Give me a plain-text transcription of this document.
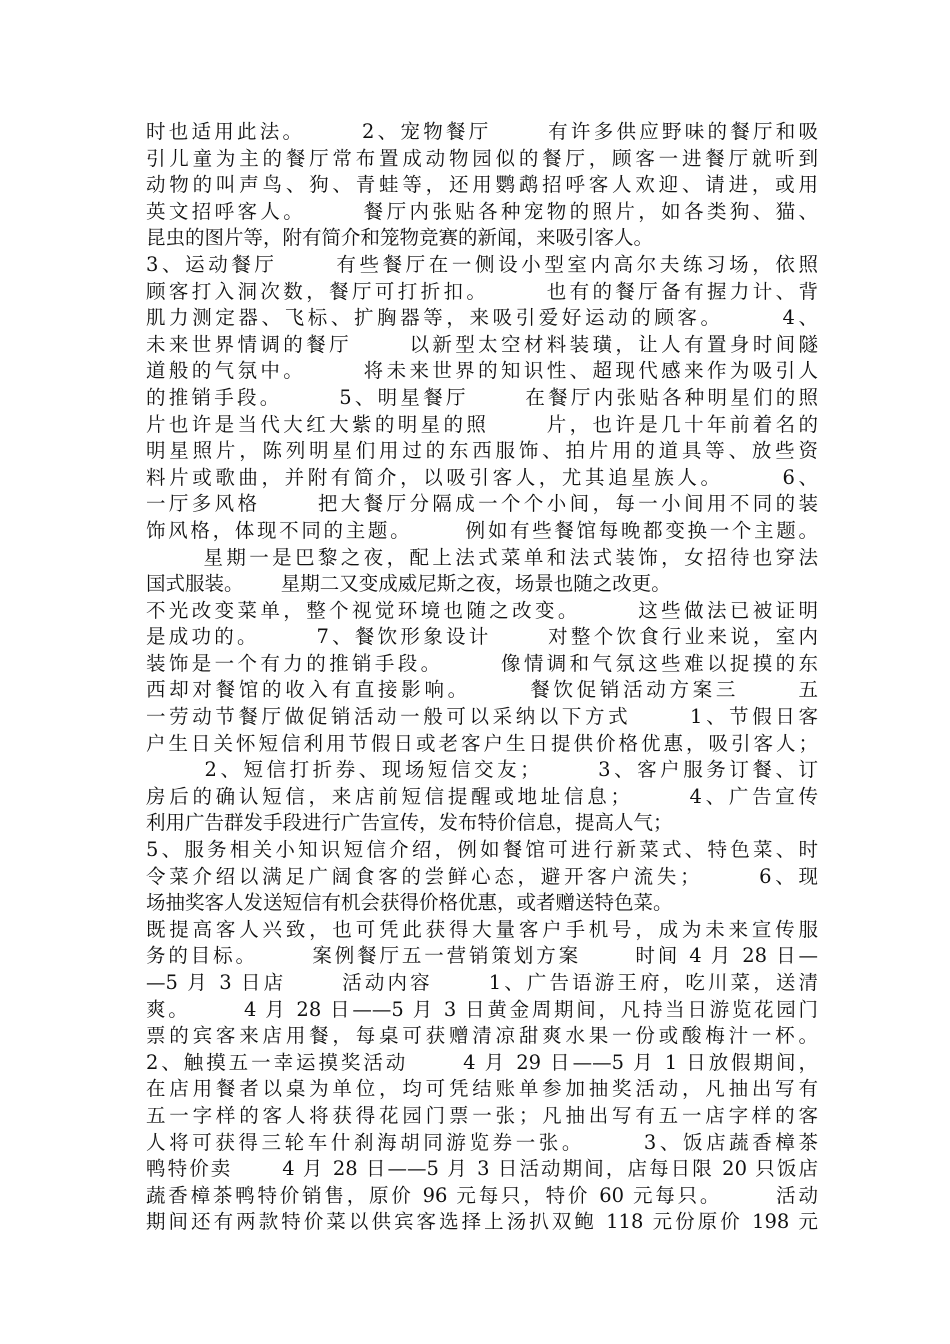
时也适用此法。      2、宠物餐厅      有许多供应野味的餐厅和吸
引儿童为主的餐厅常布置成动物园似的餐厅，顾客一进餐厅就听到
动物的叫声鸟、狗、青蛙等，还用鹦鹉招呼客人欢迎、请进，或用
英文招呼客人。      餐厅内张贴各种宠物的照片，如各类狗、猫、
昆虫的图片等，附有简介和笼物竞赛的新闻，来吸引客人。
3、运动餐厅      有些餐厅在一侧设小型室内高尔夫练习场，依照
顾客打入洞次数，餐厅可打折扣。      也有的餐厅备有握力计、背
肌力测定器、飞标、扩胸器等，来吸引爱好运动的顾客。      4、
未来世界情调的餐厅      以新型太空材料装璜，让人有置身时间隧
道般的气氛中。      将未来世界的知识性、超现代感来作为吸引人
的推销手段。      5、明星餐厅      在餐厅内张贴各种明星们的照
片也许是当代大红大紫的明星的照      片，也许是几十年前着名的
明星照片，陈列明星们用过的东西服饰、拍片用的道具等、放些资
料片或歌曲，并附有简介，以吸引客人，尤其追星族人。      6、
一厅多风格      把大餐厅分隔成一个个小间，每一小间用不同的装
饰风格，体现不同的主题。      例如有些餐馆每晚都变换一个主题。
星期一是巴黎之夜，配上法式菜单和法式装饰，女招待也穿法
国式服装。      星期二又变成威尼斯之夜，场景也随之改更。
不光改变菜单，整个视觉环境也随之改变。      这些做法已被证明
是成功的。      7、餐饮形象设计      对整个饮食行业来说，室内
装饰是一个有力的推销手段。      像情调和气氛这些难以捉摸的东
西却对餐馆的收入有直接影响。      餐饮促销活动方案三      五
一劳动节餐厅做促销活动一般可以采纳以下方式      1、节假日客
户生日关怀短信利用节假日或老客户生日提供价格优惠，吸引客人；
2、短信打折券、现场短信交友；      3、客户服务订餐、订
房后的确认短信，来店前短信提醒或地址信息；      4、广告宣传
利用广告群发手段进行广告宣传，发布特价信息，提高人气；
5、服务相关小知识短信介绍，例如餐馆可进行新菜式、特色菜、时
令菜介绍以满足广阔食客的尝鲜心态，避开客户流失；      6、现
场抽奖客人发送短信有机会获得价格优惠，或者赠送特色菜。
既提高客人兴致，也可凭此获得大量客户手机号，成为未来宣传服
务的目标。      案例餐厅五一营销策划方案      时间 4 月 28 日—
—5 月 3 日店      活动内容      1、广告语游王府，吃川菜，送清
爽。      4 月 28 日——5 月 3 日黄金周期间，凡持当日游览花园门
票的宾客来店用餐，每桌可获赠清凉甜爽水果一份或酸梅汁一杯。
2、触摸五一幸运摸奖活动      4 月 29 日——5 月 1 日放假期间，
在店用餐者以桌为单位，均可凭结账单参加抽奖活动，凡抽出写有
五一字样的客人将获得花园门票一张；凡抽出写有五一店字样的客
人将可获得三轮车什刹海胡同游览券一张。      3、饭店蔬香樟茶
鸭特价卖      4 月 28 日——5 月 3 日活动期间，店每日限 20 只饭店
蔬香樟茶鸭特价销售，原价 96 元每只，特价 60 元每只。      活动
期间还有两款特价菜以供宾客选择上汤扒双鲍 118 元份原价 198 元
